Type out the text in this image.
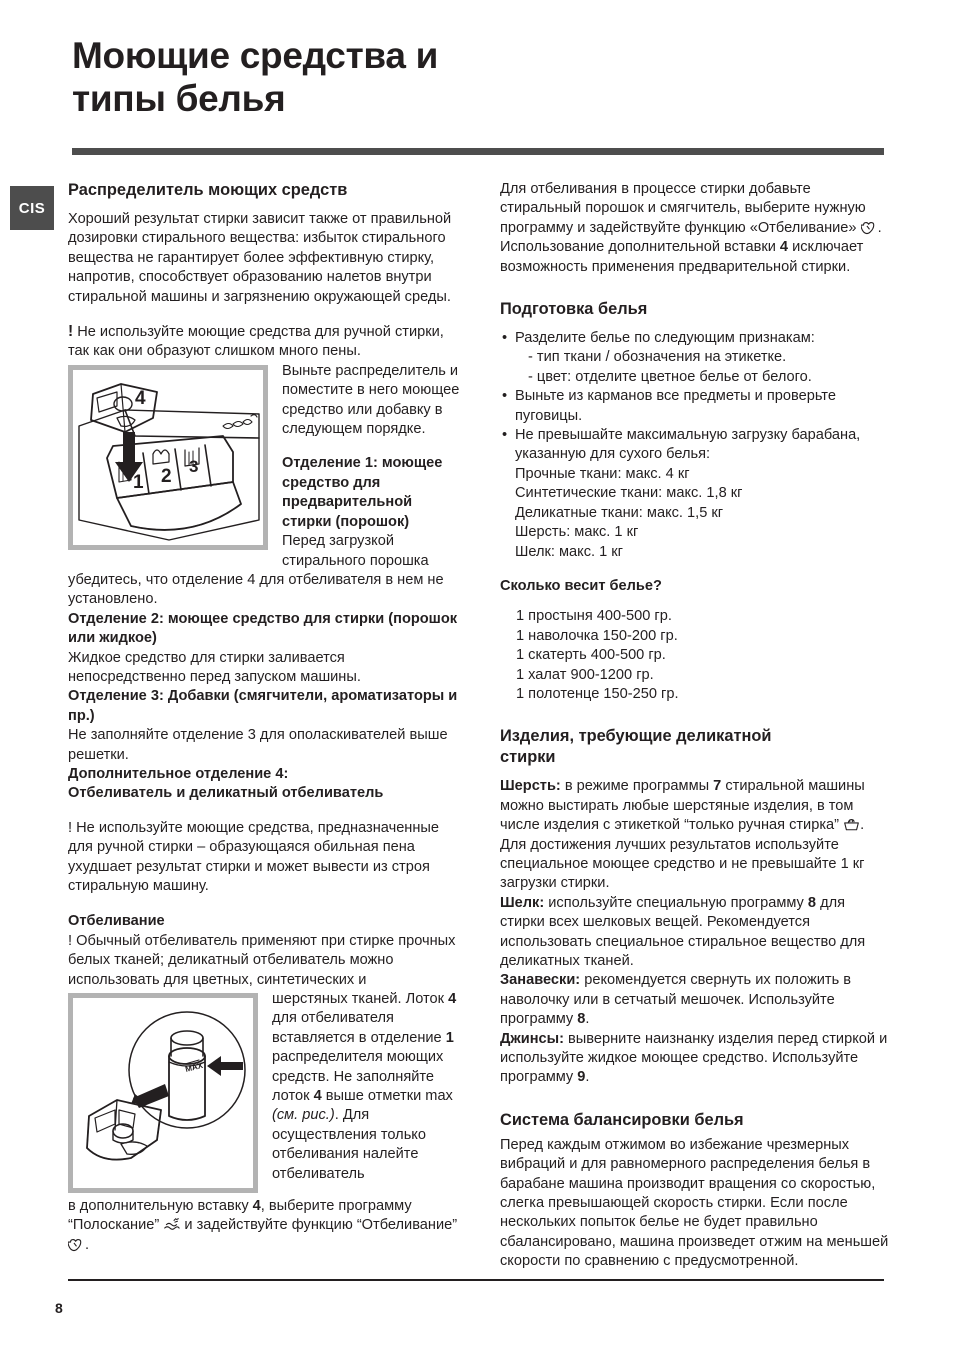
Моющие средства и
типы белья
CIS
Распределитель моющих средств

Хороший результат стирки зависит также от правильной дозировки стирального вещества: избыток стирального вещества не гарантирует более эффективную стирку, напротив, способствует образованию налетов внутри стиральной машины и загрязнению окружающей среды.

! Не используйте моющие средства для ручной стирки, так как они образуют слишком много пены.

1 2 3
4

Выньте распределитель и поместите в него моющее средство или добавку в следующем порядке.

Отделение 1: моющее средство для предварительной стирки (порошок)

Перед загрузкой стирального порошка убедитесь, что отделение 4 для отбеливателя в нем не установлено.

Отделение 2: моющее средство для стирки (порошок или жидкое)

Жидкое средство для стирки заливается непосредственно перед запуском машины.

Отделение 3: Добавки (смягчители, ароматизаторы и пр.)

Не заполняйте отделение 3 для ополаскивателей выше решетки.

Дополнительное отделение 4:
Отбеливатель и деликатный отбеливатель

! Не используйте моющие средства, предназначенные для ручной стирки – образующаяся обильная пена ухудшает результат стирки и может вывести из строя стиральную машину.

Отбеливание

! Обычный отбеливатель применяют при стирке прочных белых тканей; деликатный отбеливатель можно использовать для цветных, синтетических и

MAX

шерстяных тканей. Лоток 4 для отбеливателя вставляется в отделение 1 распределителя моющих средств. Не заполняйте лоток 4 выше отметки max (см. рис.). Для осуществления только отбеливания налейте отбеливатель

в дополнительную вставку 4, выберите программу “Полоскание”
и задействуйте функцию “Отбеливание”
.

Для отбеливания в процессе стирки добавьте стиральный порошок и смягчитель, выберите нужную программу и задействуйте функцию «Отбеливание»
. Использование дополнительной вставки 4 исключает возможность применения предварительной стирки.

Подготовка белья
• Разделите белье по следующим признакам:
- тип ткани / обозначения на этикетке.
- цвет: отделите цветное белье от белого.
• Выньте из карманов все предметы и проверьте пуговицы.
• Не превышайте максимальную загрузку барабана, указанную для сухого белья:
Прочные ткани: макс. 4 кг
Синтетические ткани: макс. 1,8 кг
Деликатные ткани: макс. 1,5 кг
Шерсть: макс. 1 кг
Шелк: макс. 1 кг
Сколько весит белье?
1 простыня 400-500 гр.
1 наволочка 150-200 гр.
1 скатерть 400-500 гр.
1 халат 900-1200 гр.
1 полотенце 150-250 гр.
Изделия, требующие деликатной
стирки

Шерсть: в режиме программы 7 стиральной машины можно выстирать любые шерстяные изделия, в том числе изделия с этикеткой “только ручная стирка”
. Для достижения лучших результатов используйте специальное моющее средство и не превышайте 1 кг загрузки стирки.

Шелк: используйте специальную программу 8 для стирки всех шелковых вещей. Рекомендуется использовать специальное стиральное вещество для деликатных тканей.

Занавески: рекомендуется свернуть их положить в наволочку или в сетчатый мешочек. Используйте программу 8.

Джинсы: выверните наизнанку изделия перед стиркой и используйте жидкое моющее средство. Используйте программу 9.

Система балансировки белья

Перед каждым отжимом во избежание чрезмерных вибраций и для равномерного распределения белья в барабане машина производит вращения со скоростью, слегка превышающей скорость стирки. Если после нескольких попыток белье не будет правильно сбалансировано, машина произведет отжим на меньшей скорости по сравнению с предусмотренной.

8
